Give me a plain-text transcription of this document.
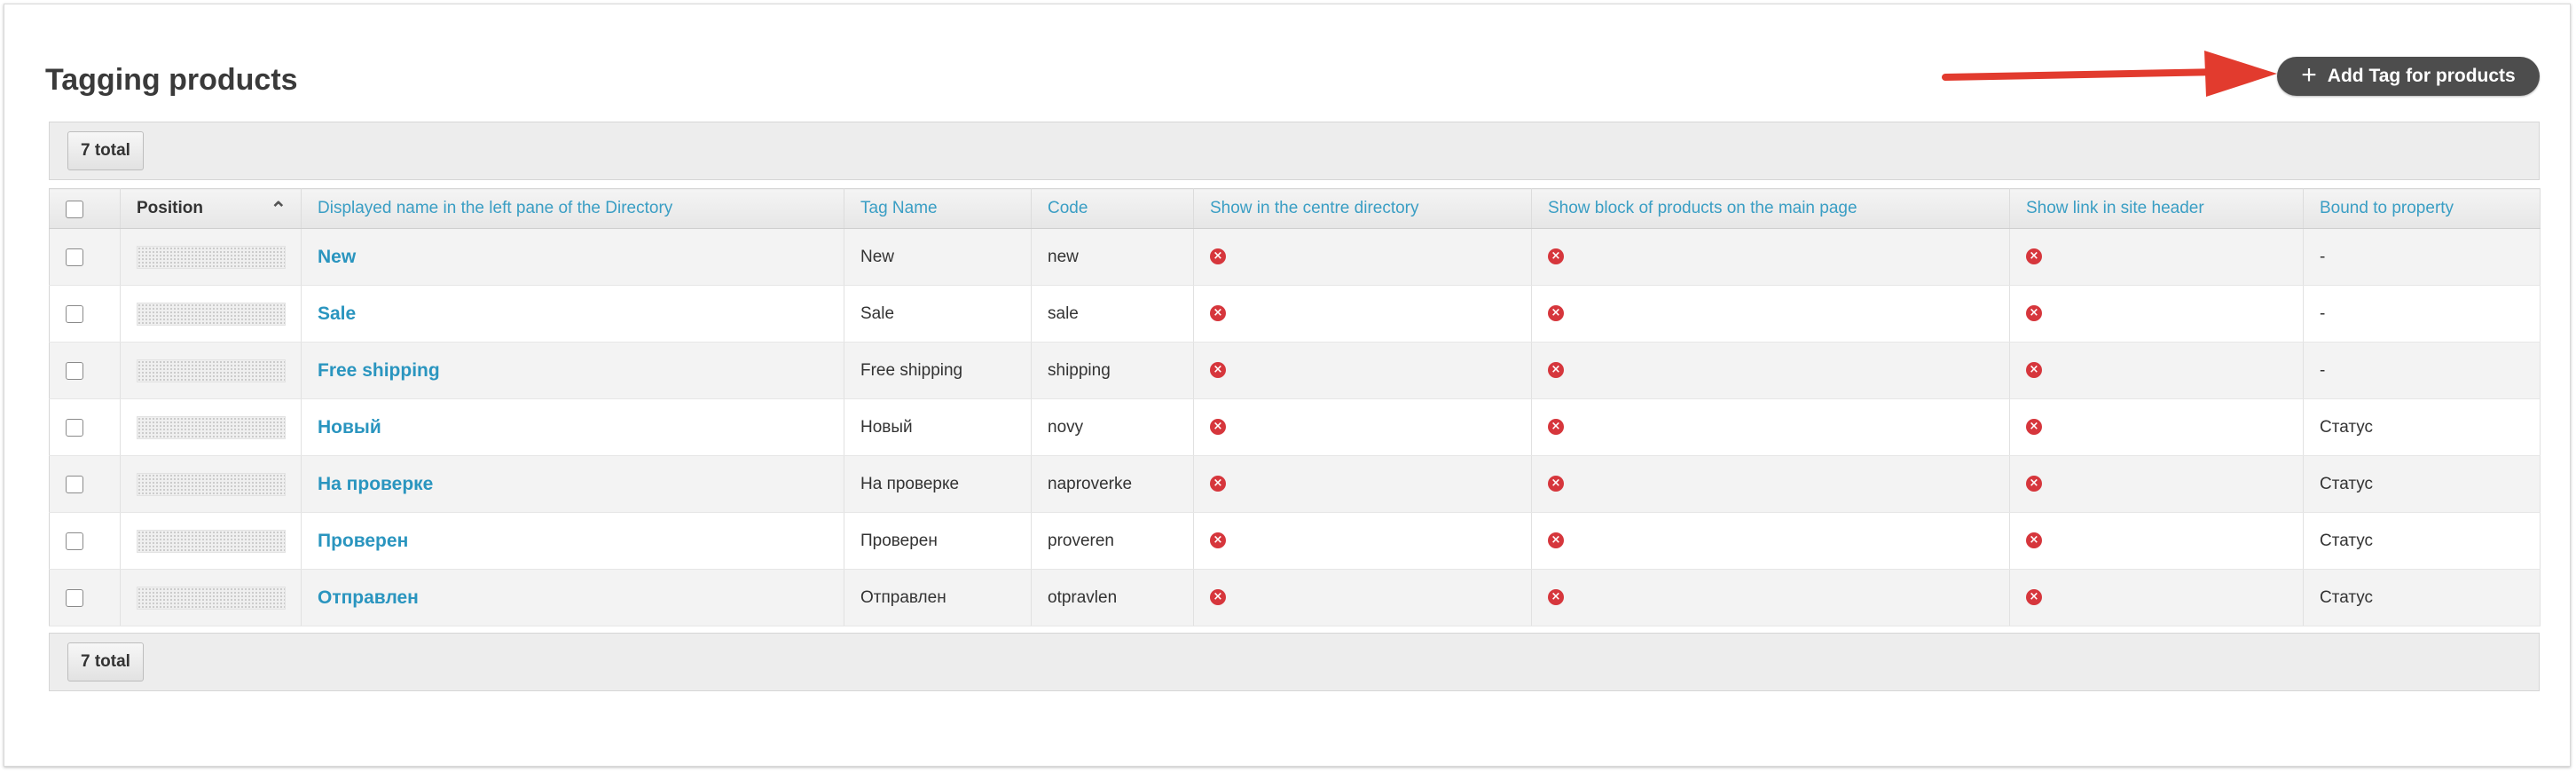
Tagging products	+ Add Tag for products
7 total
	Position ⌃	Displayed name in the left pane of the Directory	Tag Name	Code	Show in the centre directory	Show block of products on the main page	Show link in site header	Bound to property

	New	New	new	×	×	×	-

	Sale	Sale	sale	×	×	×	-

	Free shipping	Free shipping	shipping	×	×	×	-

	Новый	Новый	novy	×	×	×	Статус

	На проверке	На проверке	naproverke	×	×	×	Статус

	Проверен	Проверен	proveren	×	×	×	Статус

	Отправлен	Отправлен	otpravlen	×	×	×	Статус
7 total
